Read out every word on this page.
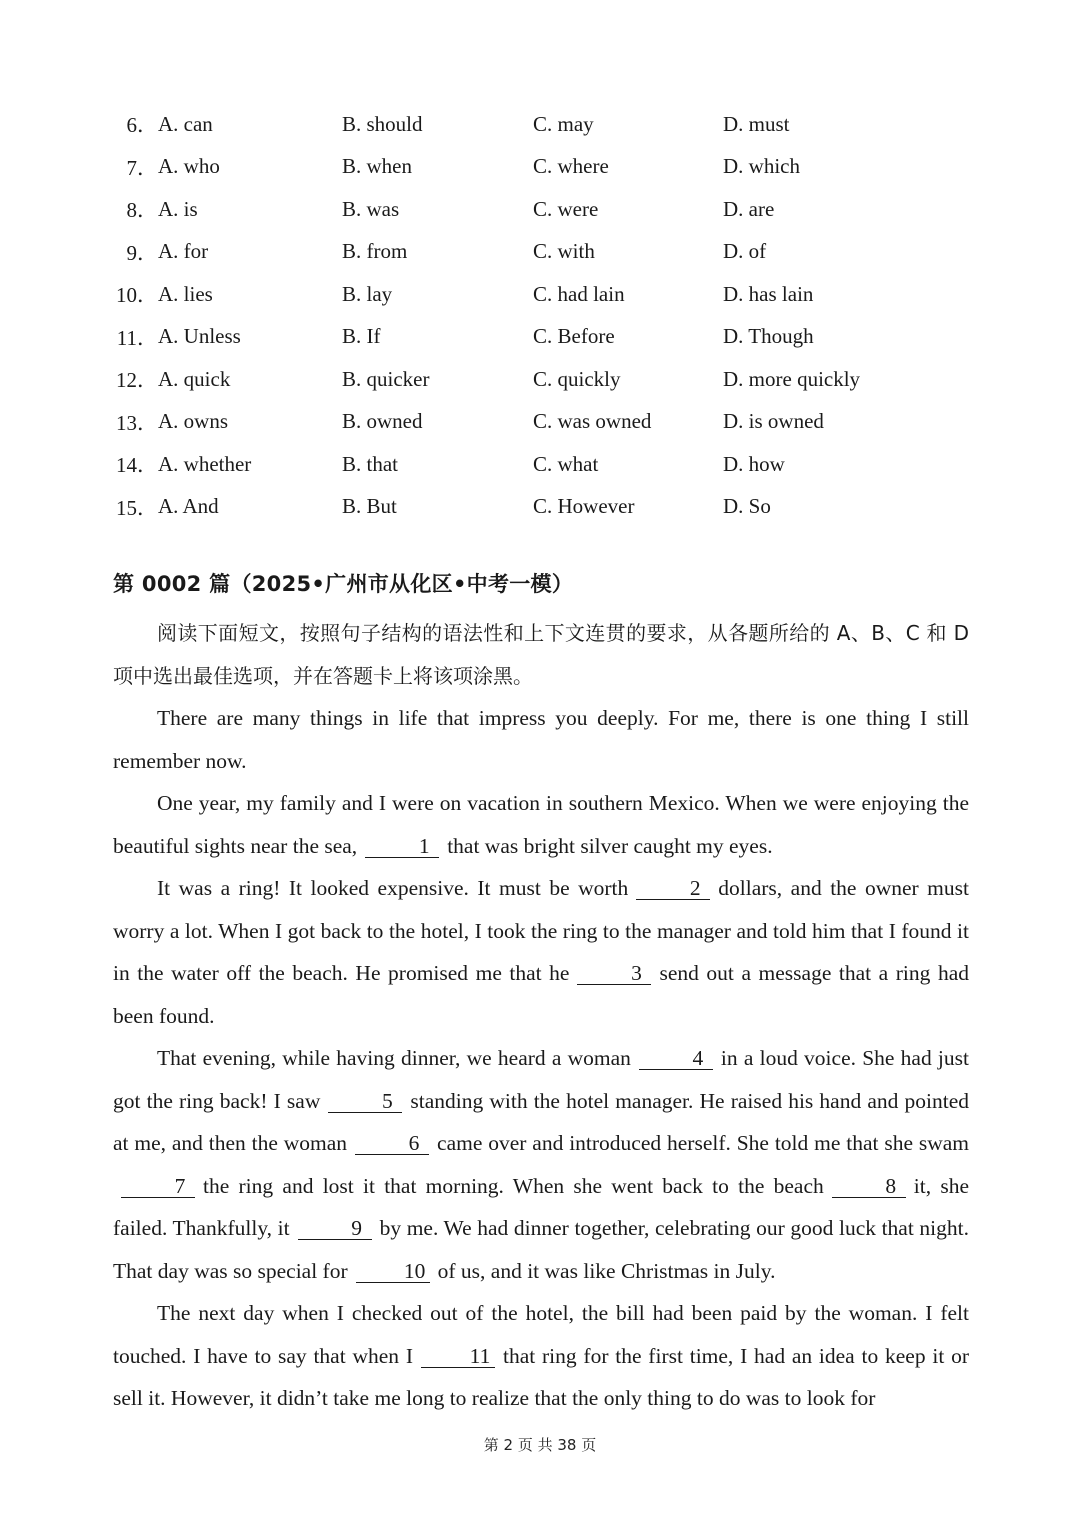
6． A. can	B. should	C. may	D. must
7． A. who	B. when	C. where	D. which
8． A. is	B. was	C. were	D. are
9． A. for	B. from	C. with	D. of
10． A. lies	B. lay	C. had lain	D. has lain
11． A. Unless	B. If	C. Before	D. Though
12． A. quick	B. quicker	C. quickly	D. more quickly
13． A. owns	B. owned	C. was owned	D. is owned
14． A. whether	B. that	C. what	D. how
15． A. And	B. But	C. However	D. So
第 0002 篇（2025•广州市从化区•中考一模）

阅读下面短文，按照句子结构的语法性和上下文连贯的要求，从各题所给的 A、B、C 和 D 项中选出最佳选项，并在答题卡上将该项涂黑。

There are many things in life that impress you deeply. For me, there is one thing I still remember now.

One year, my family and I were on vacation in southern Mexico. When we were enjoying the beautiful sights near the sea,	1 that was bright silver caught my eyes.

It was a ring! It looked expensive. It must be worth	2 dollars, and the owner must worry a lot. When I got back to the hotel, I took the ring to the manager and told him that I found it in the water off the beach. He promised me that he	3 send out a message that a ring had been found.

That evening, while having dinner, we heard a woman	4 in a loud voice. She had just got the ring back! I saw	5 standing with the hotel manager. He raised his hand and pointed at me, and then the woman	6 came over and introduced herself. She told me that she swam7 the ring and lost it that morning. When she went back to the beach	8 it, she failed. Thankfully, it	9 by me. We had dinner together, celebrating our good luck that night. That day was so special for	10 of us, and it was like Christmas in July.

The next day when I checked out of the hotel, the bill had been paid by the woman. I felt touched. I have to say that when I	11 that ring for the first time, I had an idea to keep it or sell it. However, it didn’t take me long to realize that the only thing to do was to look for

第 2 页 共 38 页
